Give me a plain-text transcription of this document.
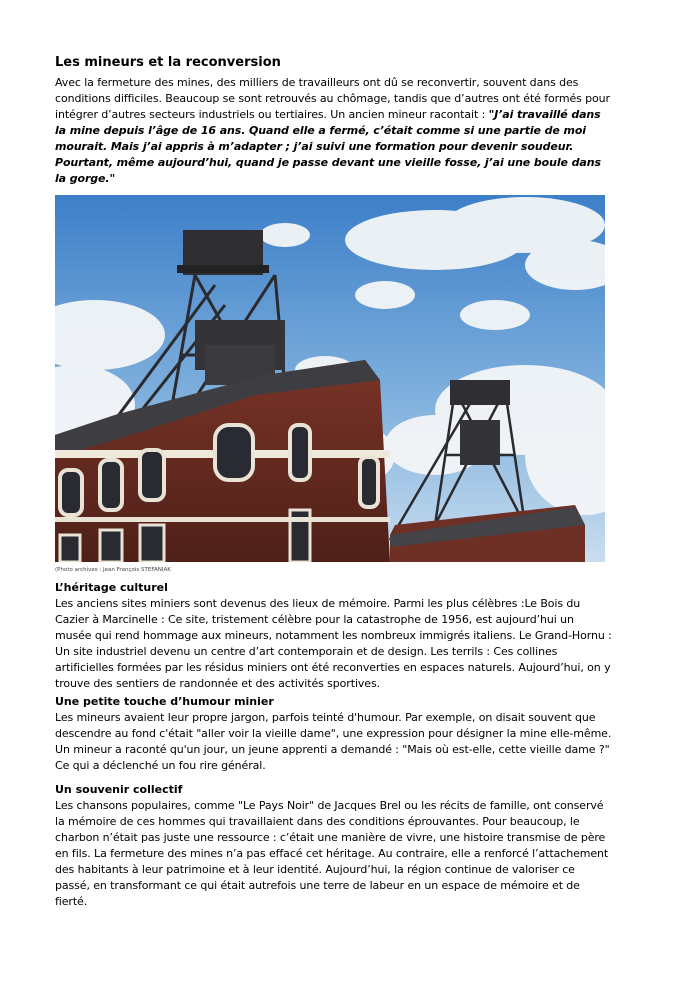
Les mineurs et la reconversion

Avec la fermeture des mines, des milliers de travailleurs ont dû se reconvertir, souvent dans des conditions difficiles. Beaucoup se sont retrouvés au chômage, tandis que d’autres ont été formés pour intégrer d’autres secteurs industriels ou tertiaires. Un ancien mineur racontait : "J’ai travaillé dans la mine depuis l’âge de 16 ans. Quand elle a fermé, c’était comme si une partie de moi mourait. Mais j’ai appris à m’adapter ; j’ai suivi une formation pour devenir soudeur. Pourtant, même aujourd’hui, quand je passe devant une vieille fosse, j’ai une boule dans la gorge."

(Photo archives : Jean François STEFANIAK
L’héritage culturel

Les anciens sites miniers sont devenus des lieux de mémoire. Parmi les plus célèbres :Le Bois du Cazier à Marcinelle : Ce site, tristement célèbre pour la catastrophe de 1956, est aujourd’hui un musée qui rend hommage aux mineurs, notamment les nombreux immigrés italiens. Le Grand-Hornu : Un site industriel devenu un centre d’art contemporain et de design. Les terrils : Ces collines artificielles formées par les résidus miniers ont été reconverties en espaces naturels. Aujourd’hui, on y trouve des sentiers de randonnée et des activités sportives.

Une petite touche d’humour minier

Les mineurs avaient leur propre jargon, parfois teinté d'humour. Par exemple, on disait souvent que descendre au fond c'était "aller voir la vieille dame", une expression pour désigner la mine elle-même. Un mineur a raconté qu'un jour, un jeune apprenti a demandé : "Mais où est-elle, cette vieille dame ?" Ce qui a déclenché un fou rire général.

Un souvenir collectif

Les chansons populaires, comme "Le Pays Noir" de Jacques Brel ou les récits de famille, ont conservé la mémoire de ces hommes qui travaillaient dans des conditions éprouvantes. Pour beaucoup, le charbon n’était pas juste une ressource : c’était une manière de vivre, une histoire transmise de père en fils. La fermeture des mines n’a pas effacé cet héritage. Au contraire, elle a renforcé l’attachement des habitants à leur patrimoine et à leur identité. Aujourd’hui, la région continue de valoriser ce passé, en transformant ce qui était autrefois une terre de labeur en un espace de mémoire et de fierté.
